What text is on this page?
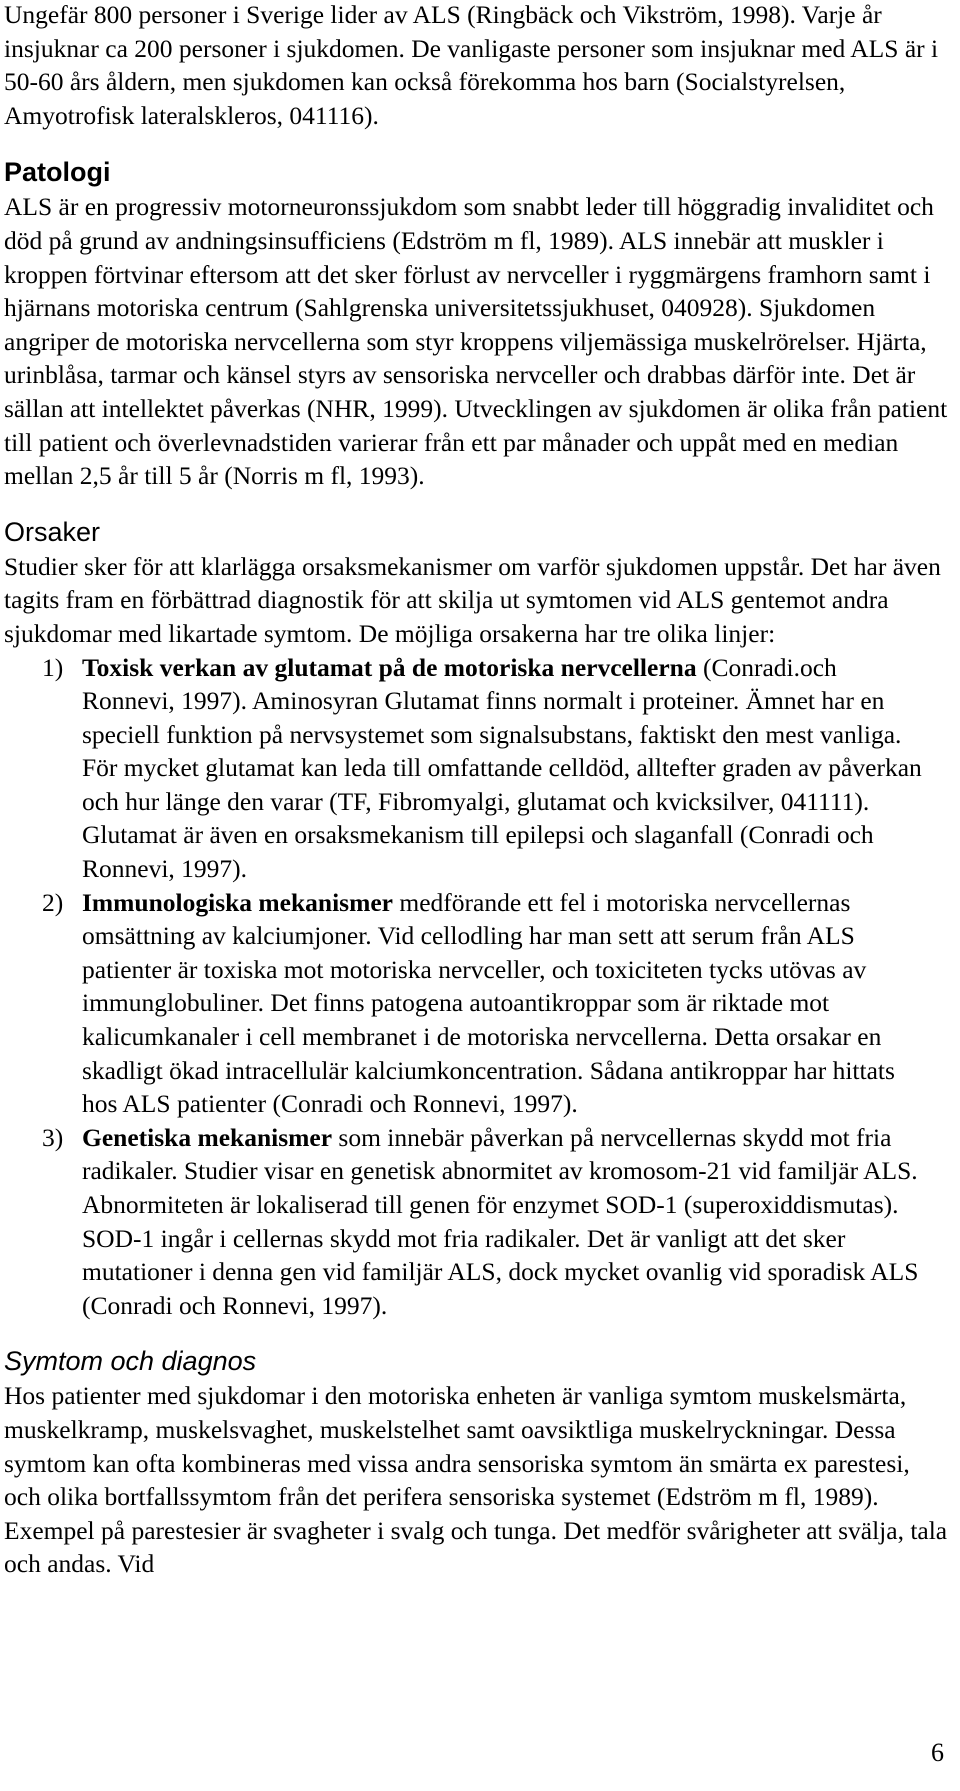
Ungefär 800 personer i Sverige lider av ALS (Ringbäck och Vikström, 1998). Varje år insjuknar ca 200 personer i sjukdomen. De vanligaste personer som insjuknar med ALS är i 50-60 års åldern, men sjukdomen kan också förekomma hos barn (Socialstyrelsen, Amyotrofisk lateralskleros, 041116).

Patologi

ALS är en progressiv motorneuronssjukdom som snabbt leder till höggradig invaliditet och död på grund av andningsinsufficiens (Edström m fl, 1989). ALS innebär att muskler i kroppen förtvinar eftersom att det sker förlust av nervceller i ryggmärgens framhorn samt i hjärnans motoriska centrum (Sahlgrenska universitetssjukhuset, 040928). Sjukdomen angriper de motoriska nervcellerna som styr kroppens viljemässiga muskelrörelser. Hjärta, urinblåsa, tarmar och känsel styrs av sensoriska nervceller och drabbas därför inte. Det är sällan att intellektet påverkas (NHR, 1999). Utvecklingen av sjukdomen är olika från patient till patient och överlevnadstiden varierar från ett par månader och uppåt med en median mellan 2,5 år till 5 år (Norris m fl, 1993).

Orsaker

Studier sker för att klarlägga orsaksmekanismer om varför sjukdomen uppstår. Det har även tagits fram en förbättrad diagnostik för att skilja ut symtomen vid ALS gentemot andra sjukdomar med likartade symtom. De möjliga orsakerna har tre olika linjer:

1) Toxisk verkan av glutamat på de motoriska nervcellerna (Conradi.och Ronnevi, 1997). Aminosyran Glutamat finns normalt i proteiner. Ämnet har en speciell funktion på nervsystemet som signalsubstans, faktiskt den mest vanliga. För mycket glutamat kan leda till omfattande celldöd, alltefter graden av påverkan och hur länge den varar (TF, Fibromyalgi, glutamat och kvicksilver, 041111). Glutamat är även en orsaksmekanism till epilepsi och slaganfall (Conradi och Ronnevi, 1997).
2) Immunologiska mekanismer medförande ett fel i motoriska nervcellernas omsättning av kalciumjoner. Vid cellodling har man sett att serum från ALS patienter är toxiska mot motoriska nervceller, och toxiciteten tycks utövas av immunglobuliner. Det finns patogena autoantikroppar som är riktade mot kalicumkanaler i cell membranet i de motoriska nervcellerna. Detta orsakar en skadligt ökad intracellulär kalciumkoncentration. Sådana antikroppar har hittats hos ALS patienter (Conradi och Ronnevi, 1997).
3) Genetiska mekanismer som innebär påverkan på nervcellernas skydd mot fria radikaler. Studier visar en genetisk abnormitet av kromosom-21 vid familjär ALS. Abnormiteten är lokaliserad till genen för enzymet SOD-1 (superoxiddismutas). SOD-1 ingår i cellernas skydd mot fria radikaler. Det är vanligt att det sker mutationer i denna gen vid familjär ALS, dock mycket ovanlig vid sporadisk ALS (Conradi och Ronnevi, 1997).
Symtom och diagnos

Hos patienter med sjukdomar i den motoriska enheten är vanliga symtom muskelsmärta, muskelkramp, muskelsvaghet, muskelstelhet samt oavsiktliga muskelryckningar. Dessa symtom kan ofta kombineras med vissa andra sensoriska symtom än smärta ex parestesi, och olika bortfallssymtom från det perifera sensoriska systemet (Edström m fl, 1989). Exempel på parestesier är svagheter i svalg och tunga. Det medför svårigheter att svälja, tala och andas. Vid

6
